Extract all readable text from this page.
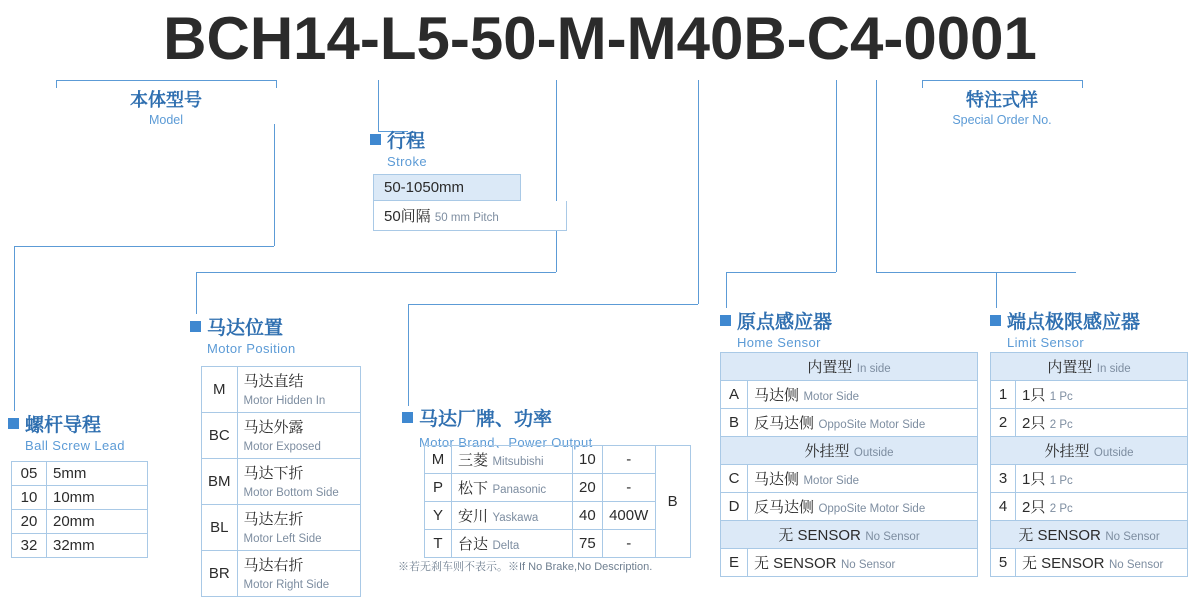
BCH14-L5-50-M-M40B-C4-0001
本体型号
Model
特注式样
Special Order No.
行程
Stroke
50-1050mm
50间隔 50 mm Pitch
螺杆导程
Ball Screw Lead
05	5mm

10	10mm

20	20mm

32	32mm
马达位置
Motor Position
M	马达直结
Motor Hidden In

BC	马达外露
Motor Exposed

BM	马达下折
Motor Bottom Side

BL	马达左折
Motor Left Side

BR	马达右折
Motor Right Side
马达厂牌、功率
Motor Brand、Power Output
M	三菱 Mitsubishi	10	-	B

P	松下 Panasonic	20	-	

Y	安川 Yaskawa	40	400W	

T	台达 Delta	75	-	
※若无刹车则不表示。※If No Brake,No Description.
原点感应器
Home Sensor
内置型 In side	

A	马达侧 Motor Side

B	反马达侧 OppoSite Motor Side

外挂型 Outside	

C	马达侧 Motor Side

D	反马达侧 OppoSite Motor Side

无 SENSOR No Sensor	

E	无 SENSOR No Sensor
端点极限感应器
Limit Sensor
内置型 In side	

1	1只 1 Pc

2	2只 2 Pc

外挂型 Outside	

3	1只 1 Pc

4	2只 2 Pc

无 SENSOR No Sensor	

5	无 SENSOR No Sensor
